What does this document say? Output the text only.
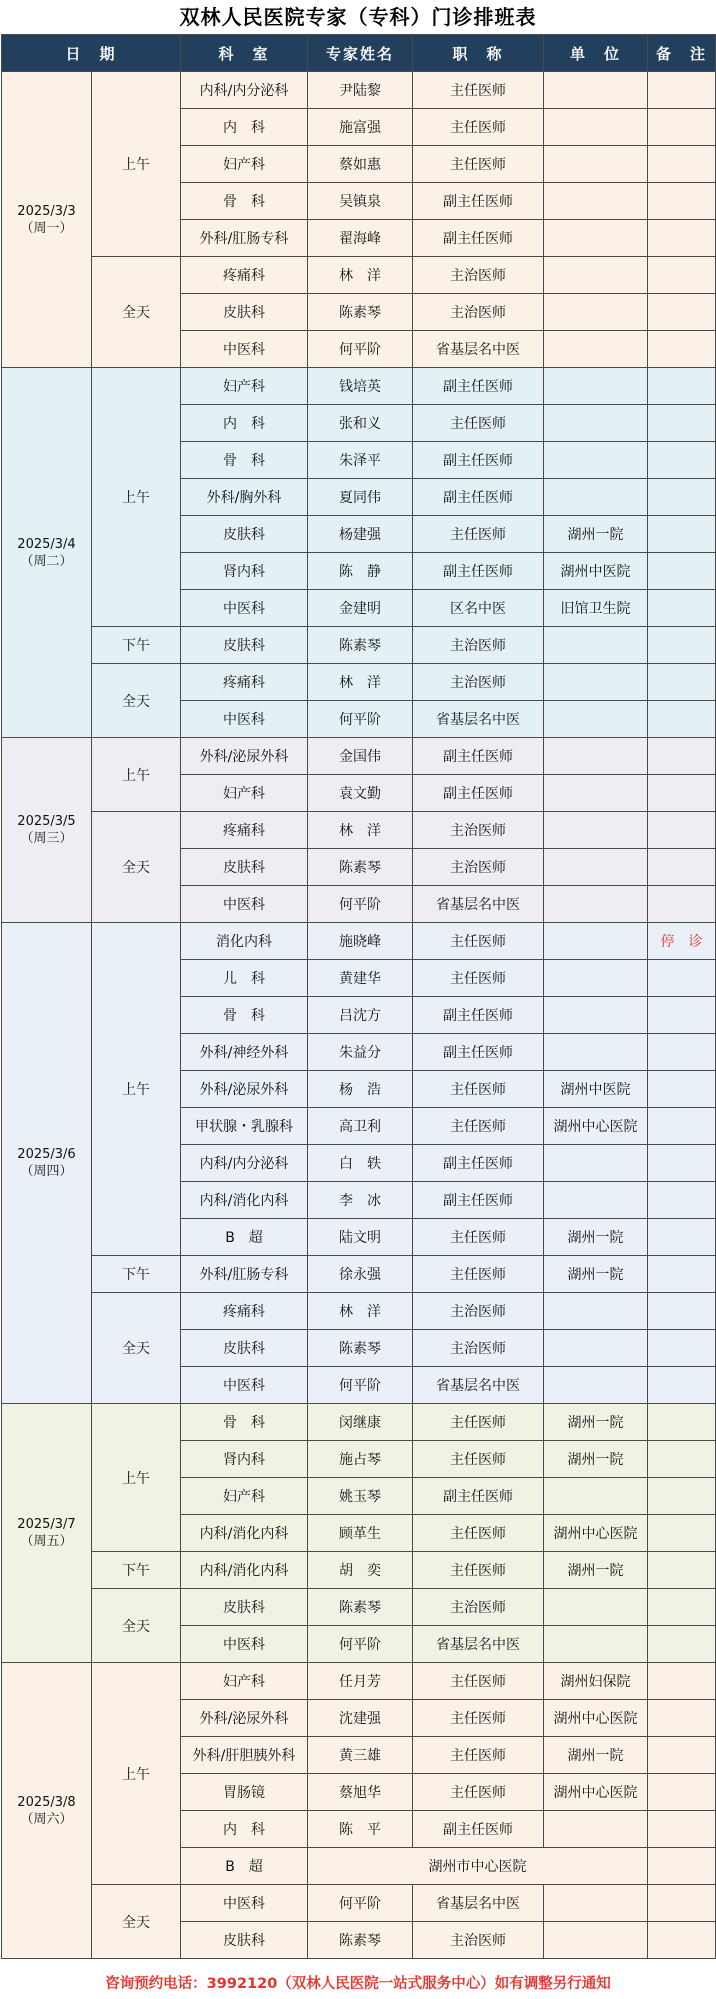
双林人民医院专家（专科）门诊排班表
日　期		科　室	专家姓名	职　称	单　位	备　注

2025/3/3
（周一）	上午	内科/内分泌科	尹陆黎	主任医师		
		内　科	施富强	主任医师		
		妇产科	蔡如惠	主任医师		
		骨　科	吴镇泉	副主任医师		
		外科/肛肠专科	翟海峰	副主任医师		
	全天	疼痛科	林　洋	主治医师		
		皮肤科	陈素琴	主治医师		
		中医科	何平阶	省基层名中医		

2025/3/4
（周二）	上午	妇产科	钱培英	副主任医师		
		内　科	张和义	主任医师		
		骨　科	朱泽平	副主任医师		
		外科/胸外科	夏同伟	副主任医师		
		皮肤科	杨建强	主任医师	湖州一院	
		肾内科	陈　静	副主任医师	湖州中医院	
		中医科	金建明	区名中医	旧馆卫生院	
	下午	皮肤科	陈素琴	主治医师		
	全天	疼痛科	林　洋	主治医师		
		中医科	何平阶	省基层名中医		

2025/3/5
（周三）	上午	外科/泌尿外科	金国伟	副主任医师		
		妇产科	袁文勤	副主任医师		
	全天	疼痛科	林　洋	主治医师		
		皮肤科	陈素琴	主治医师		
		中医科	何平阶	省基层名中医		

2025/3/6
（周四）	上午	消化内科	施晓峰	主任医师		停　诊
		儿　科	黄建华	主任医师		
		骨　科	吕沈方	副主任医师		
		外科/神经外科	朱益分	副主任医师		
		外科/泌尿外科	杨　浩	主任医师	湖州中医院	
		甲状腺・乳腺科	高卫利	主任医师	湖州中心医院	
		内科/内分泌科	白　轶	副主任医师		
		内科/消化内科	李　冰	副主任医师		
		B　超	陆文明	主任医师	湖州一院	
	下午	外科/肛肠专科	徐永强	主任医师	湖州一院	
	全天	疼痛科	林　洋	主治医师		
		皮肤科	陈素琴	主治医师		
		中医科	何平阶	省基层名中医		

2025/3/7
（周五）	上午	骨　科	闵继康	主任医师	湖州一院	
		肾内科	施占琴	主任医师	湖州一院	
		妇产科	姚玉琴	副主任医师		
		内科/消化内科	顾革生	主任医师	湖州中心医院	
	下午	内科/消化内科	胡　奕	主任医师	湖州一院	
	全天	皮肤科	陈素琴	主治医师		
		中医科	何平阶	省基层名中医		

2025/3/8
（周六）	上午	妇产科	任月芳	主任医师	湖州妇保院	
		外科/泌尿外科	沈建强	主任医师	湖州中心医院	
		外科/肝胆胰外科	黄三雄	主任医师	湖州一院	
		胃肠镜	蔡旭华	主任医师	湖州中心医院	
		内　科	陈　平	副主任医师		
		B　超	湖州市中心医院			
	全天	中医科	何平阶	省基层名中医		
		皮肤科	陈素琴	主治医师		
咨询预约电话：3992120（双林人民医院一站式服务中心）如有调整另行通知
